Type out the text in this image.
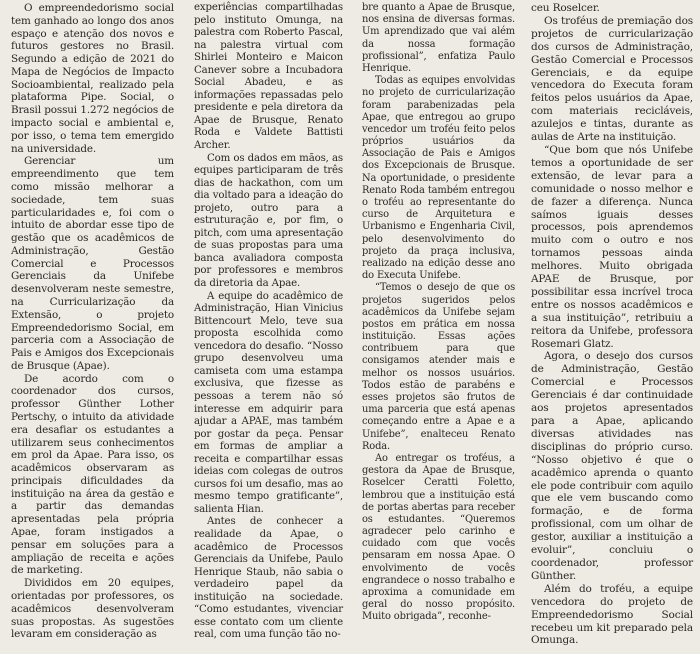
O empreendedorismo social tem ganhado ao longo dos anos espaço e atenção dos novos e futuros gestores no Brasil. Segundo a edição de 2021 do Mapa de Negócios de Impacto Socioambiental, realizado pela plataforma Pipe. Social, o Brasil possui 1.272 negócios de impacto social e ambiental e, por isso, o tema tem emergido na universidade.

Gerenciar um empreendimento que tem como missão melhorar a sociedade, tem suas particularidades e, foi com o intuito de abordar esse tipo de gestão que os acadêmicos de Administração, Gestão Comercial e Processos Gerenciais da Unifebe desenvolveram neste semestre, na Curricularização da Extensão, o projeto Empreendedorismo Social, em parceria com a Associação de Pais e Amigos dos Excepcionais de Brusque (Apae).

De acordo com o coordenador dos cursos, professor Günther Lother Pertschy, o intuito da atividade era desafiar os estudantes a utilizarem seus conhecimentos em prol da Apae. Para isso, os acadêmicos observaram as principais dificuldades da instituição na área da gestão e a partir das demandas apresentadas pela própria Apae, foram instigados a pensar em soluções para a ampliação de receita e ações de marketing.

Divididos em 20 equipes, orientadas por professores, os acadêmicos desenvolveram suas propostas. As sugestões levaram em consideração as

experiências compartilhadas pelo instituto Omunga, na palestra com Roberto Pascal, na palestra virtual com Shirlei Monteiro e Maicon Canever sobre a Incubadora Social Abadeu, e as informações repassadas pelo presidente e pela diretora da Apae de Brusque, Renato Roda e Valdete Battisti Archer.

Com os dados em mãos, as equipes participaram de três dias de hackathon, com um dia voltado para a ideação do projeto, outro para a estruturação e, por fim, o pitch, com uma apresentação de suas propostas para uma banca avaliadora composta por professores e membros da diretoria da Apae.

A equipe do acadêmico de Administração, Hian Vinicius Bittencourt Melo, teve sua proposta escolhida como vencedora do desafio. “Nosso grupo desenvolveu uma camiseta com uma estampa exclusiva, que fizesse as pessoas a terem não só interesse em adquirir para ajudar a APAE, mas também por gostar da peça. Pensar em formas de ampliar a receita e compartilhar essas ideias com colegas de outros cursos foi um desafio, mas ao mesmo tempo gratificante”, salienta Hian.

Antes de conhecer a realidade da Apae, o acadêmico de Processos Gerenciais da Unifebe, Paulo Henrique Staub, não sabia o verdadeiro papel da instituição na sociedade. “Como estudantes, vivenciar esse contato com um cliente real, com uma função tão no-

bre quanto a Apae de Brusque, nos ensina de diversas formas. Um aprendizado que vai além da nossa formação profissional”, enfatiza Paulo Henrique.

Todas as equipes envolvidas no projeto de curricularização foram parabenizadas pela Apae, que entregou ao grupo vencedor um troféu feito pelos próprios usuários da Associação de Pais e Amigos dos Excepcionais de Brusque. Na oportunidade, o presidente Renato Roda também entregou o troféu ao representante do curso de Arquitetura e Urbanismo e Engenharia Civil, pelo desenvolvimento do projeto da praça inclusiva, realizado na edição desse ano do Executa Unifebe.

“Temos o desejo de que os projetos sugeridos pelos acadêmicos da Unifebe sejam postos em prática em nossa instituição. Essas ações contribuem para que consigamos atender mais e melhor os nossos usuários. Todos estão de parabéns e esses projetos são frutos de uma parceria que está apenas começando entre a Apae e a Unifebe”, enalteceu Renato Roda.

Ao entregar os troféus, a gestora da Apae de Brusque, Roselcer Ceratti Foletto, lembrou que a instituição está de portas abertas para receber os estudantes. “Queremos agradecer pelo carinho e cuidado com que vocês pensaram em nossa Apae. O envolvimento de vocês engrandece o nosso trabalho e aproxima a comunidade em geral do nosso propósito. Muito obrigada”, reconhe-

ceu Roselcer.

Os troféus de premiação dos projetos de curricularização dos cursos de Administração, Gestão Comercial e Processos Gerenciais, e da equipe vencedora do Executa foram feitos pelos usuários da Apae, com materiais recicláveis, azulejos e tintas, durante as aulas de Arte na instituição.

“Que bom que nós Unifebe temos a oportunidade de ser extensão, de levar para a comunidade o nosso melhor e de fazer a diferença. Nunca saímos iguais desses processos, pois aprendemos muito com o outro e nos tornamos pessoas ainda melhores. Muito obrigada APAE de Brusque, por possibilitar essa incrível troca entre os nossos acadêmicos e a sua instituição”, retribuiu a reitora da Unifebe, professora Rosemari Glatz.

Agora, o desejo dos cursos de Administração, Gestão Comercial e Processos Gerenciais é dar continuidade aos projetos apresentados para a Apae, aplicando diversas atividades nas disciplinas do próprio curso. “Nosso objetivo é que o acadêmico aprenda o quanto ele pode contribuir com aquilo que ele vem buscando como formação, e de forma profissional, com um olhar de gestor, auxiliar a instituição a evoluir”, concluiu o coordenador, professor Günther.

Além do troféu, a equipe vencedora do projeto de Empreendedorismo Social recebeu um kit preparado pela Omunga.
